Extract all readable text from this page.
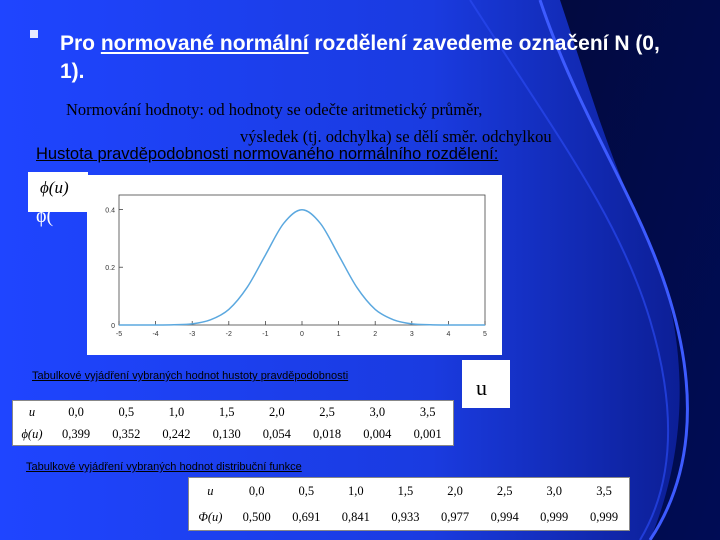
Pro normované normální rozdělení zavedeme označení N (0, 1).
Normování hodnoty: od hodnoty se odečte aritmetický průměr,
výsledek (tj. odchylka) se dělí směr. odchylkou
Hustota pravděpodobnosti normovaného normálního rozdělení:
0
0.2
0.4
-5	-4	-3	-2	-1	0	1	2	3	4	5
ϕ(u)
ϕ(
Tabulkové vyjádření vybraných hodnot hustoty pravděpodobnosti	u
u	0,0	0,5	1,0	1,5	2,0	2,5	3,0	3,5
ϕ(u)	0,399	0,352	0,242	0,130	0,054	0,018	0,004	0,001
Tabulkové vyjádření vybraných hodnot distribuční funkce
u	0,0	0,5	1,0	1,5	2,0	2,5	3,0	3,5
Φ(u)	0,500	0,691	0,841	0,933	0,977	0,994	0,999	0,999
